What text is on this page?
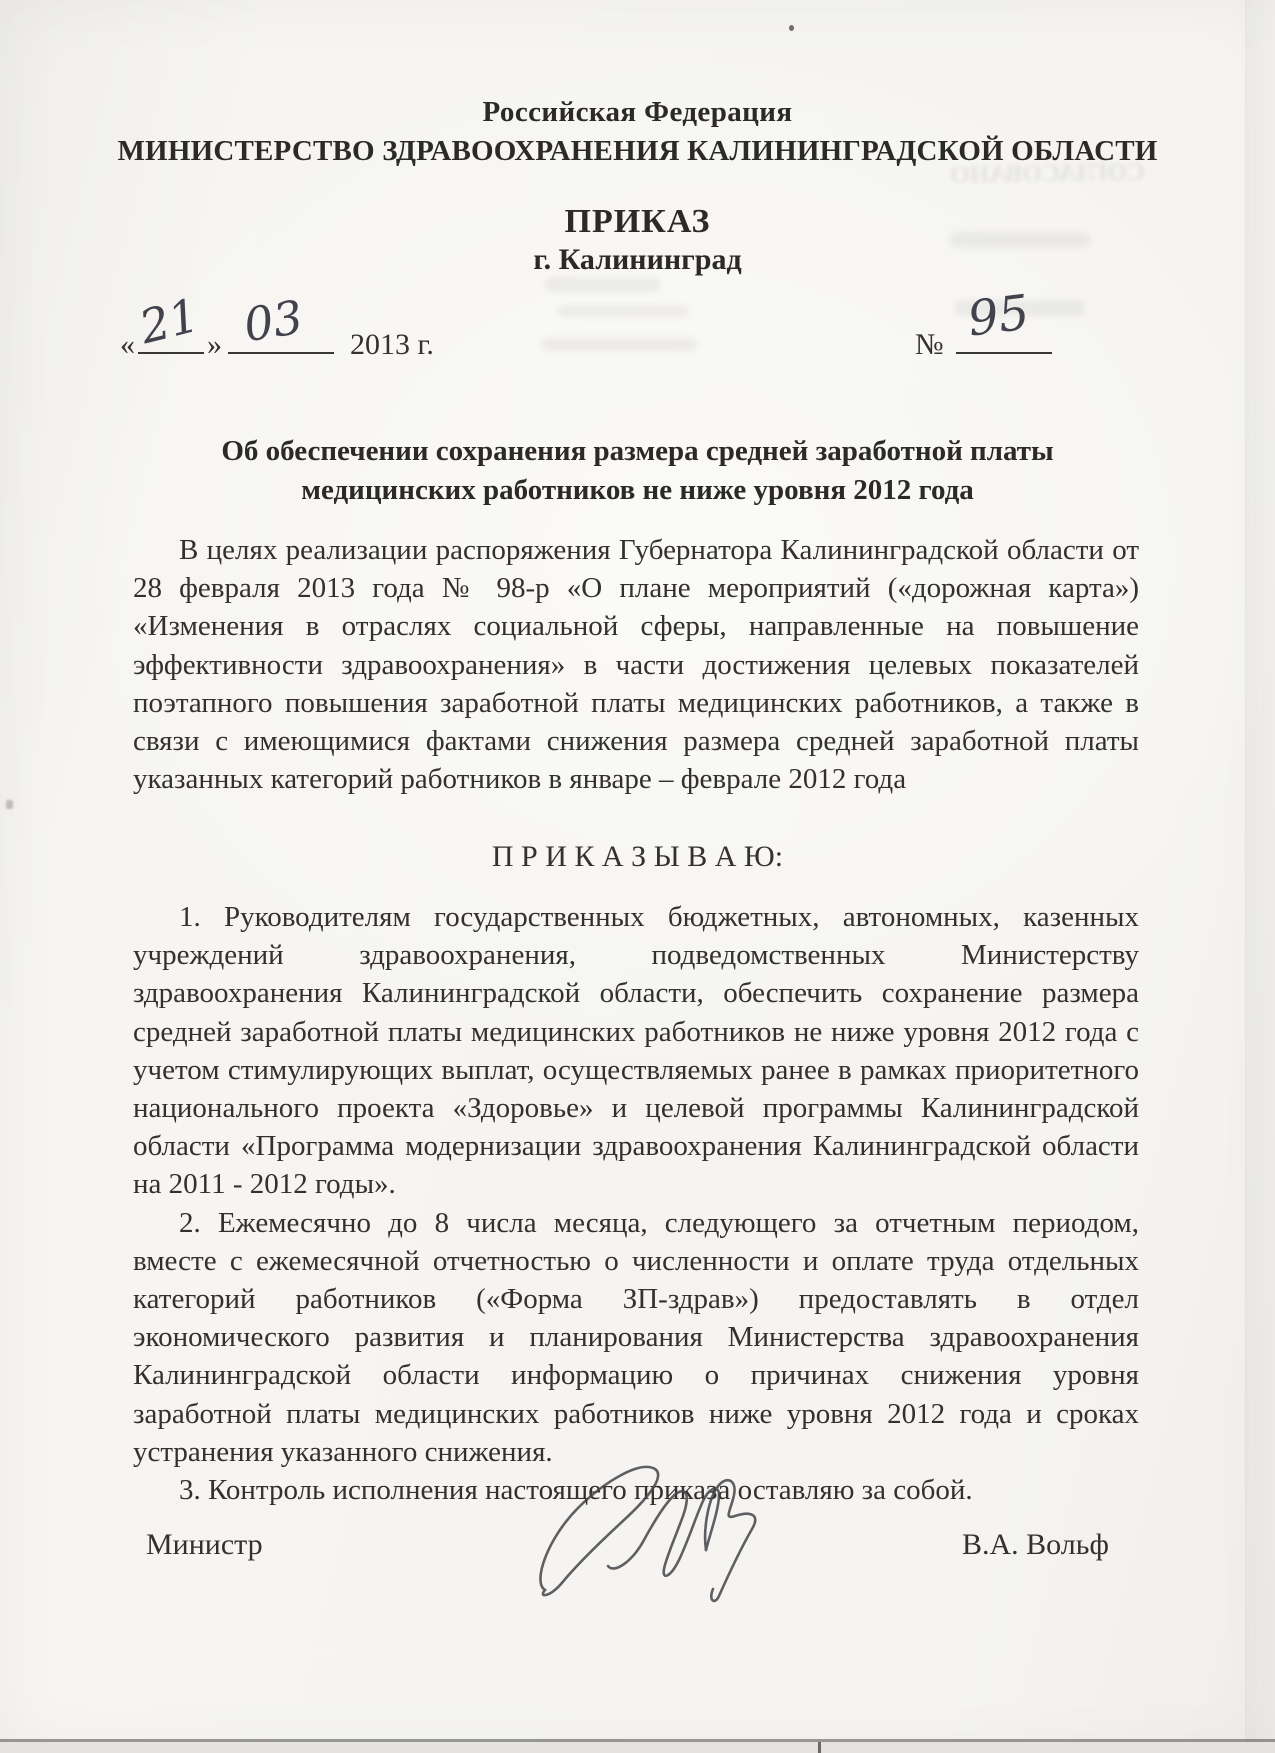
СОГЛАСОВАНО
Российская Федерация
МИНИСТЕРСТВО ЗДРАВООХРАНЕНИЯ КАЛИНИНГРАДСКОЙ ОБЛАСТИ
ПРИКАЗ
г. Калининград
« 21 » 03 2013 г.	№ 95
Об обеспечении сохранения размера средней заработной платы
медицинских работников не ниже уровня 2012 года

В целях реализации распоряжения Губернатора Калининградской области от 28 февраля 2013 года № 98-р «О плане мероприятий («дорожная карта») «Изменения в отраслях социальной сферы, направленные на повышение эффективности здравоохранения» в части достижения целевых показателей поэтапного повышения заработной платы медицинских работников, а также в связи с имеющимися фактами снижения размера средней заработной платы указанных категорий работников в январе – феврале 2012 года

П Р И К А З Ы В А Ю:

1. Руководителям государственных бюджетных, автономных, казенных учреждений здравоохранения, подведомственных Министерству здравоохранения Калининградской области, обеспечить сохранение размера средней заработной платы медицинских работников не ниже уровня 2012 года с учетом стимулирующих выплат, осуществляемых ранее в рамках приоритетного национального проекта «Здоровье» и целевой программы Калининградской области «Программа модернизации здравоохранения Калининградской области на 2011 - 2012 годы».

2. Ежемесячно до 8 числа месяца, следующего за отчетным периодом, вместе с ежемесячной отчетностью о численности и оплате труда отдельных категорий работников («Форма ЗП-здрав») предоставлять в отдел экономического развития и планирования Министерства здравоохранения Калининградской области информацию о причинах снижения уровня заработной платы медицинских работников ниже уровня 2012 года и сроках устранения указанного снижения.

3. Контроль исполнения настоящего приказа оставляю за собой.

Министр	В.А. Вольф
